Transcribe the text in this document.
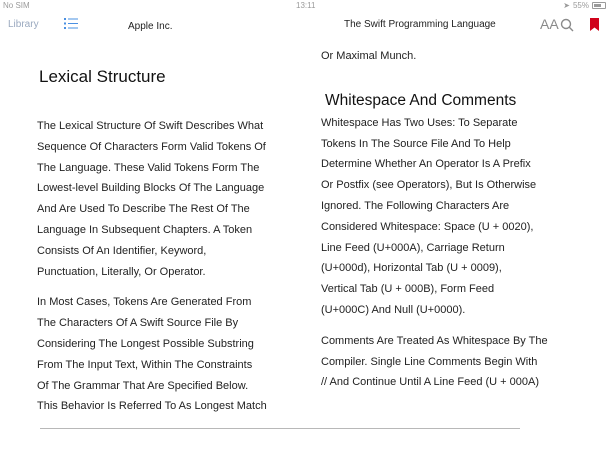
No SIM	13:11	➤ 55%
Library	Apple Inc.	The Swift Programming Language	AA

Lexical Structure

The Lexical Structure Of Swift Describes What

Sequence Of Characters Form Valid Tokens Of

The Language. These Valid Tokens Form The

Lowest-level Building Blocks Of The Language

And Are Used To Describe The Rest Of The

Language In Subsequent Chapters. A Token

Consists Of An Identifier, Keyword,

Punctuation, Literally, Or Operator.

In Most Cases, Tokens Are Generated From

The Characters Of A Swift Source File By

Considering The Longest Possible Substring

From The Input Text, Within The Constraints

Of The Grammar That Are Specified Below.

This Behavior Is Referred To As Longest Match

Or Maximal Munch.

Whitespace And Comments

Whitespace Has Two Uses: To Separate

Tokens In The Source File And To Help

Determine Whether An Operator Is A Prefix

Or Postfix (see Operators), But Is Otherwise

Ignored. The Following Characters Are

Considered Whitespace: Space (U + 0020),

Line Feed (U+000A), Carriage Return

(U+000d), Horizontal Tab (U + 0009),

Vertical Tab (U + 000B), Form Feed

(U+000C) And Null (U+0000).

Comments Are Treated As Whitespace By The

Compiler. Single Line Comments Begin With

// And Continue Until A Line Feed (U + 000A)
